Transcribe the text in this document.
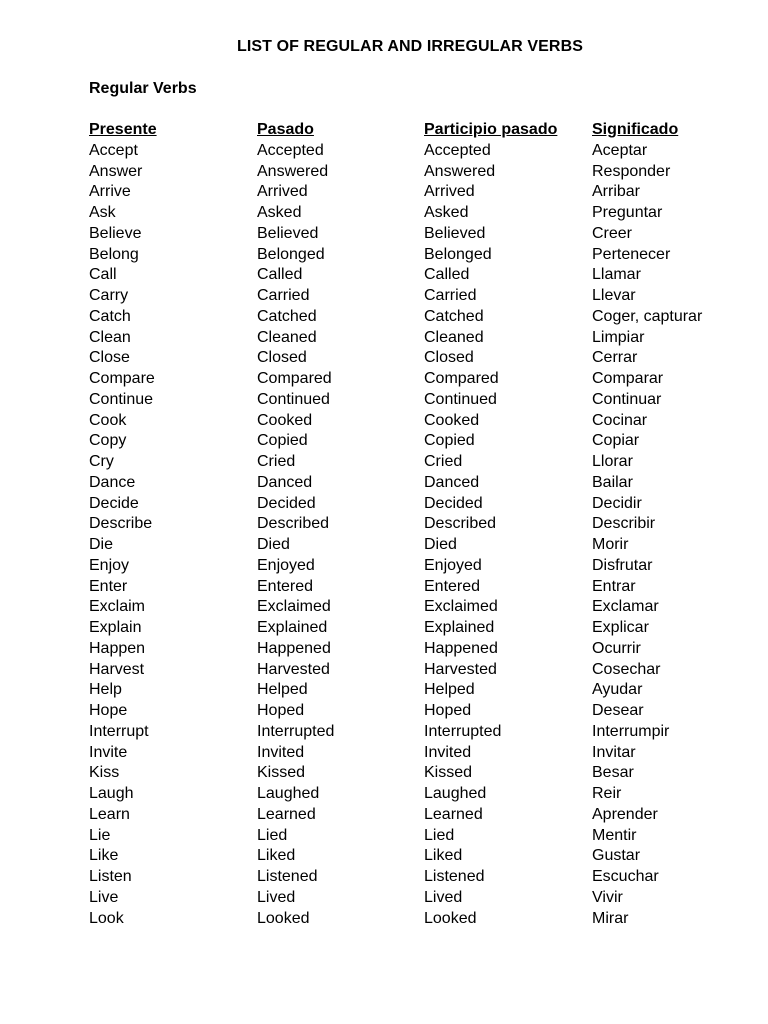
LIST OF REGULAR AND IRREGULAR VERBS
Regular Verbs
Presente	Pasado	Participio pasado	Significado
Accept	Accepted	Accepted	Aceptar
Answer	Answered	Answered	Responder
Arrive	Arrived	Arrived	Arribar
Ask	Asked	Asked	Preguntar
Believe	Believed	Believed	Creer
Belong	Belonged	Belonged	Pertenecer
Call	Called	Called	Llamar
Carry	Carried	Carried	Llevar
Catch	Catched	Catched	Coger, capturar
Clean	Cleaned	Cleaned	Limpiar
Close	Closed	Closed	Cerrar
Compare	Compared	Compared	Comparar
Continue	Continued	Continued	Continuar
Cook	Cooked	Cooked	Cocinar
Copy	Copied	Copied	Copiar
Cry	Cried	Cried	Llorar
Dance	Danced	Danced	Bailar
Decide	Decided	Decided	Decidir
Describe	Described	Described	Describir
Die	Died	Died	Morir
Enjoy	Enjoyed	Enjoyed	Disfrutar
Enter	Entered	Entered	Entrar
Exclaim	Exclaimed	Exclaimed	Exclamar
Explain	Explained	Explained	Explicar
Happen	Happened	Happened	Ocurrir
Harvest	Harvested	Harvested	Cosechar
Help	Helped	Helped	Ayudar
Hope	Hoped	Hoped	Desear
Interrupt	Interrupted	Interrupted	Interrumpir
Invite	Invited	Invited	Invitar
Kiss	Kissed	Kissed	Besar
Laugh	Laughed	Laughed	Reir
Learn	Learned	Learned	Aprender
Lie	Lied	Lied	Mentir
Like	Liked	Liked	Gustar
Listen	Listened	Listened	Escuchar
Live	Lived	Lived	Vivir
Look	Looked	Looked	Mirar
